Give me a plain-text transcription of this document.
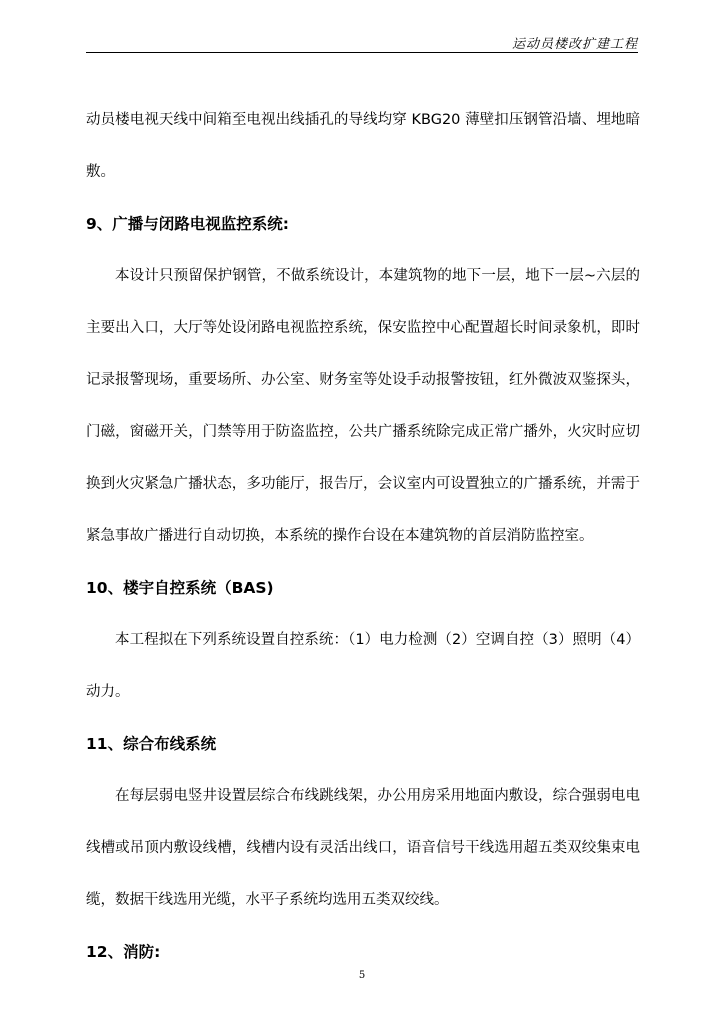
运动员楼改扩建工程

动员楼电视天线中间箱至电视出线插孔的导线均穿 KBG20 薄壁扣压钢管沿墙、埋地暗敷。

9、广播与闭路电视监控系统:

本设计只预留保护钢管，不做系统设计，本建筑物的地下一层，地下一层~六层的主要出入口，大厅等处设闭路电视监控系统，保安监控中心配置超长时间录象机，即时记录报警现场，重要场所、办公室、财务室等处设手动报警按钮，红外微波双鉴探头，门磁，窗磁开关，门禁等用于防盗监控，公共广播系统除完成正常广播外，火灾时应切换到火灾紧急广播状态，多功能厅，报告厅，会议室内可设置独立的广播系统，并需于紧急事故广播进行自动切换，本系统的操作台设在本建筑物的首层消防监控室。

10、楼宇自控系统（BAS)

本工程拟在下列系统设置自控系统：（1）电力检测（2）空调自控（3）照明（4）动力。

11、综合布线系统

在每层弱电竖井设置层综合布线跳线架，办公用房采用地面内敷设，综合强弱电电线槽或吊顶内敷设线槽，线槽内设有灵活出线口，语音信号干线选用超五类双绞集束电缆，数据干线选用光缆，水平子系统均选用五类双绞线。

12、消防:
5
